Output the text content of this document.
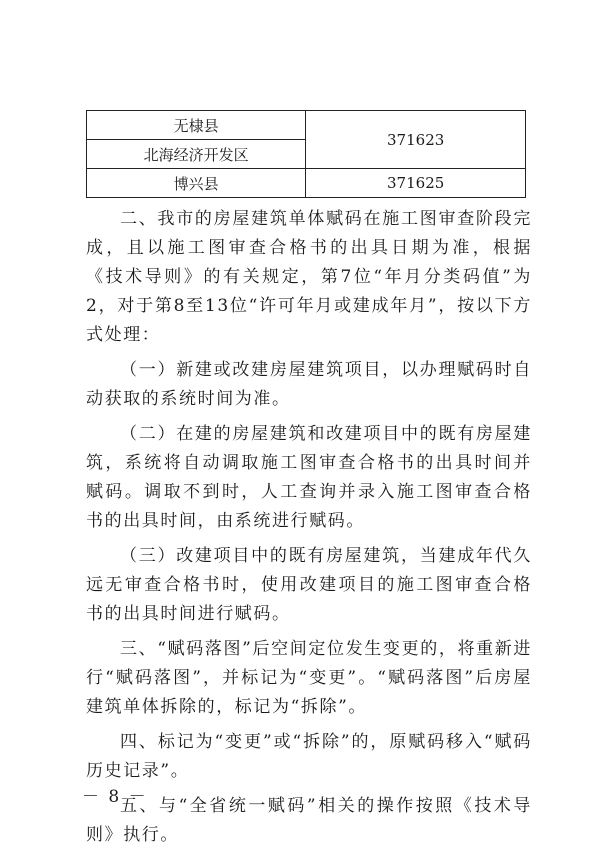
无棣县	371623
北海经济开发区	
博兴县	371625

二、我市的房屋建筑单体赋码在施工图审查阶段完成，且以施工图审查合格书的出具日期为准，根据《技术导则》的有关规定，第7位“年月分类码值”为2，对于第8至13位“许可年月或建成年月”，按以下方式处理：

（一）新建或改建房屋建筑项目，以办理赋码时自动获取的系统时间为准。

（二）在建的房屋建筑和改建项目中的既有房屋建筑，系统将自动调取施工图审查合格书的出具时间并赋码。调取不到时，人工查询并录入施工图审查合格书的出具时间，由系统进行赋码。

（三）改建项目中的既有房屋建筑，当建成年代久远无审查合格书时，使用改建项目的施工图审查合格书的出具时间进行赋码。

三、“赋码落图”后空间定位发生变更的，将重新进行“赋码落图”，并标记为“变更”。“赋码落图”后房屋建筑单体拆除的，标记为“拆除”。

四、标记为“变更”或“拆除”的，原赋码移入“赋码历史记录”。

五、与“全省统一赋码”相关的操作按照《技术导则》执行。

－ 8 －
